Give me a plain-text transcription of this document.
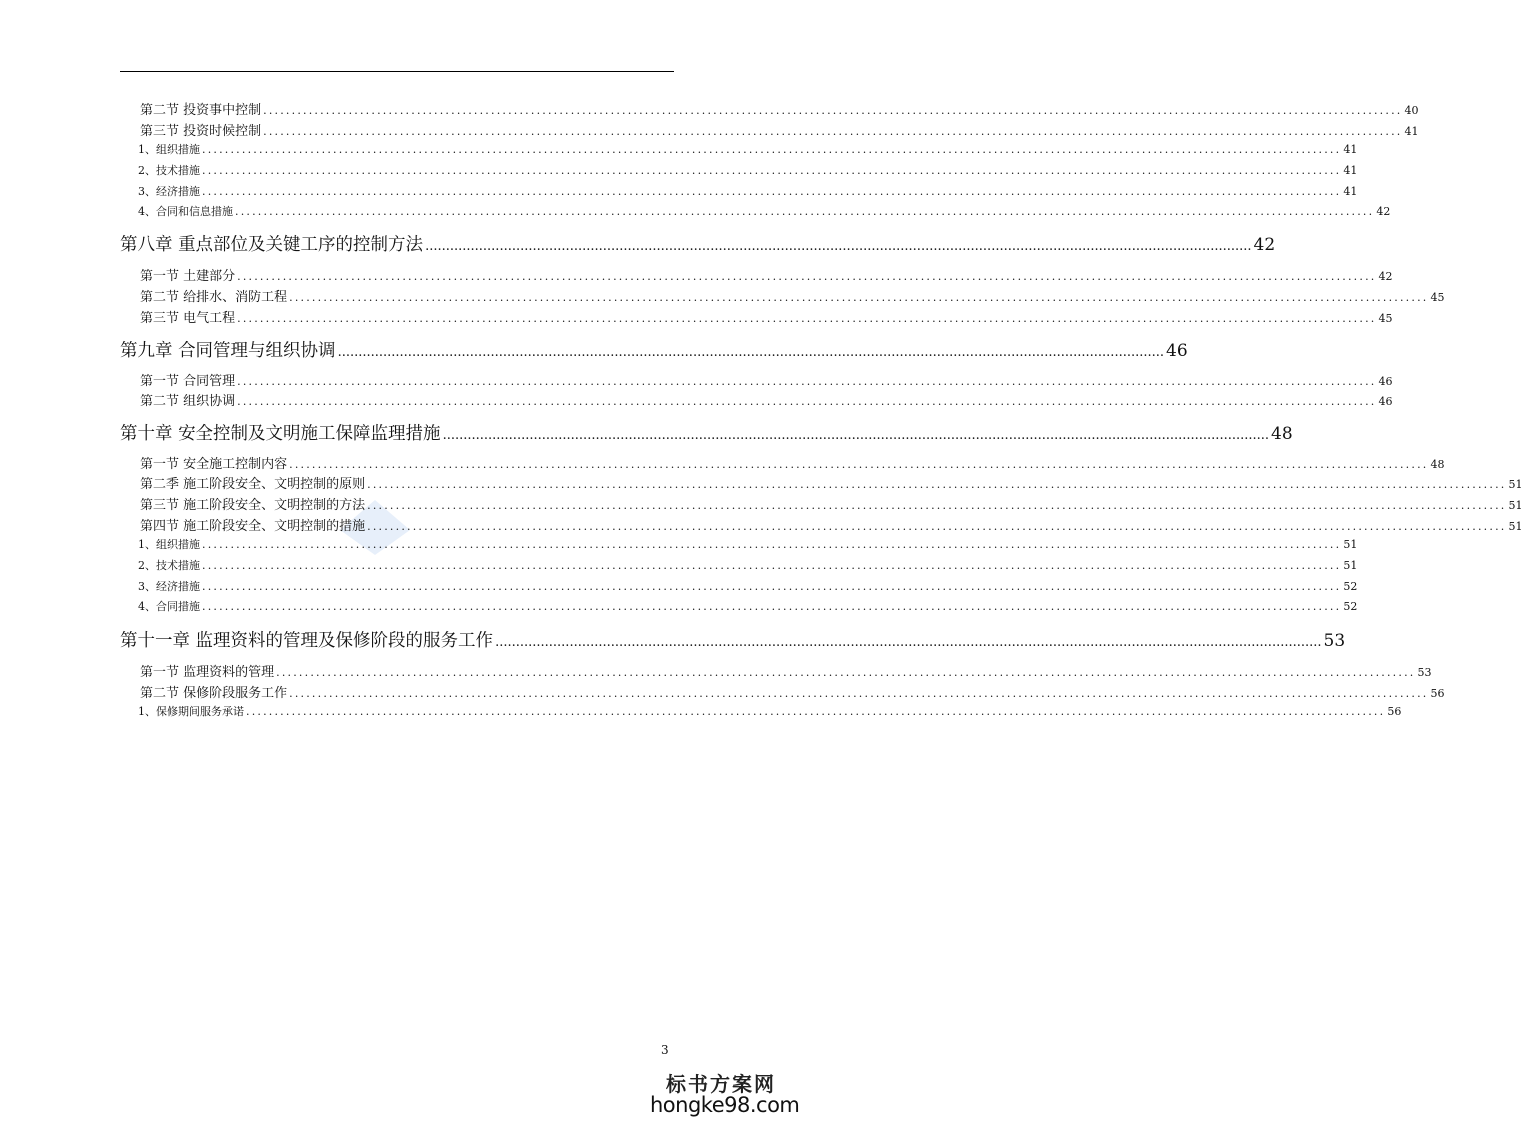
第二节 投资事中控制 ........................................................................................................................................................................................................ 40
第三节 投资时候控制 ........................................................................................................................................................................................................ 41
1、组织措施 ........................................................................................................................................................................................................ 41
2、技术措施 ........................................................................................................................................................................................................ 41
3、经济措施 ........................................................................................................................................................................................................ 41
4、合同和信息措施 ........................................................................................................................................................................................................ 42
第八章 重点部位及关键工序的控制方法 ........................................................................................................................................................................................................ 42
第一节 土建部分 ........................................................................................................................................................................................................ 42
第二节 给排水、消防工程 ........................................................................................................................................................................................................ 45
第三节 电气工程 ........................................................................................................................................................................................................ 45
第九章 合同管理与组织协调 ........................................................................................................................................................................................................ 46
第一节 合同管理 ........................................................................................................................................................................................................ 46
第二节 组织协调 ........................................................................................................................................................................................................ 46
第十章 安全控制及文明施工保障监理措施 ........................................................................................................................................................................................................ 48
第一节 安全施工控制内容 ........................................................................................................................................................................................................ 48
第二季 施工阶段安全、文明控制的原则 ........................................................................................................................................................................................................ 51
第三节 施工阶段安全、文明控制的方法 ........................................................................................................................................................................................................ 51
第四节 施工阶段安全、文明控制的措施 ........................................................................................................................................................................................................ 51
1、组织措施 ........................................................................................................................................................................................................ 51
2、技术措施 ........................................................................................................................................................................................................ 51
3、经济措施 ........................................................................................................................................................................................................ 52
4、合同措施 ........................................................................................................................................................................................................ 52
第十一章 监理资料的管理及保修阶段的服务工作 ........................................................................................................................................................................................................ 53
第一节 监理资料的管理 ........................................................................................................................................................................................................ 53
第二节 保修阶段服务工作 ........................................................................................................................................................................................................ 56
1、保修期间服务承诺 ........................................................................................................................................................................................................ 56
3
标书方案网
hongke98.com
